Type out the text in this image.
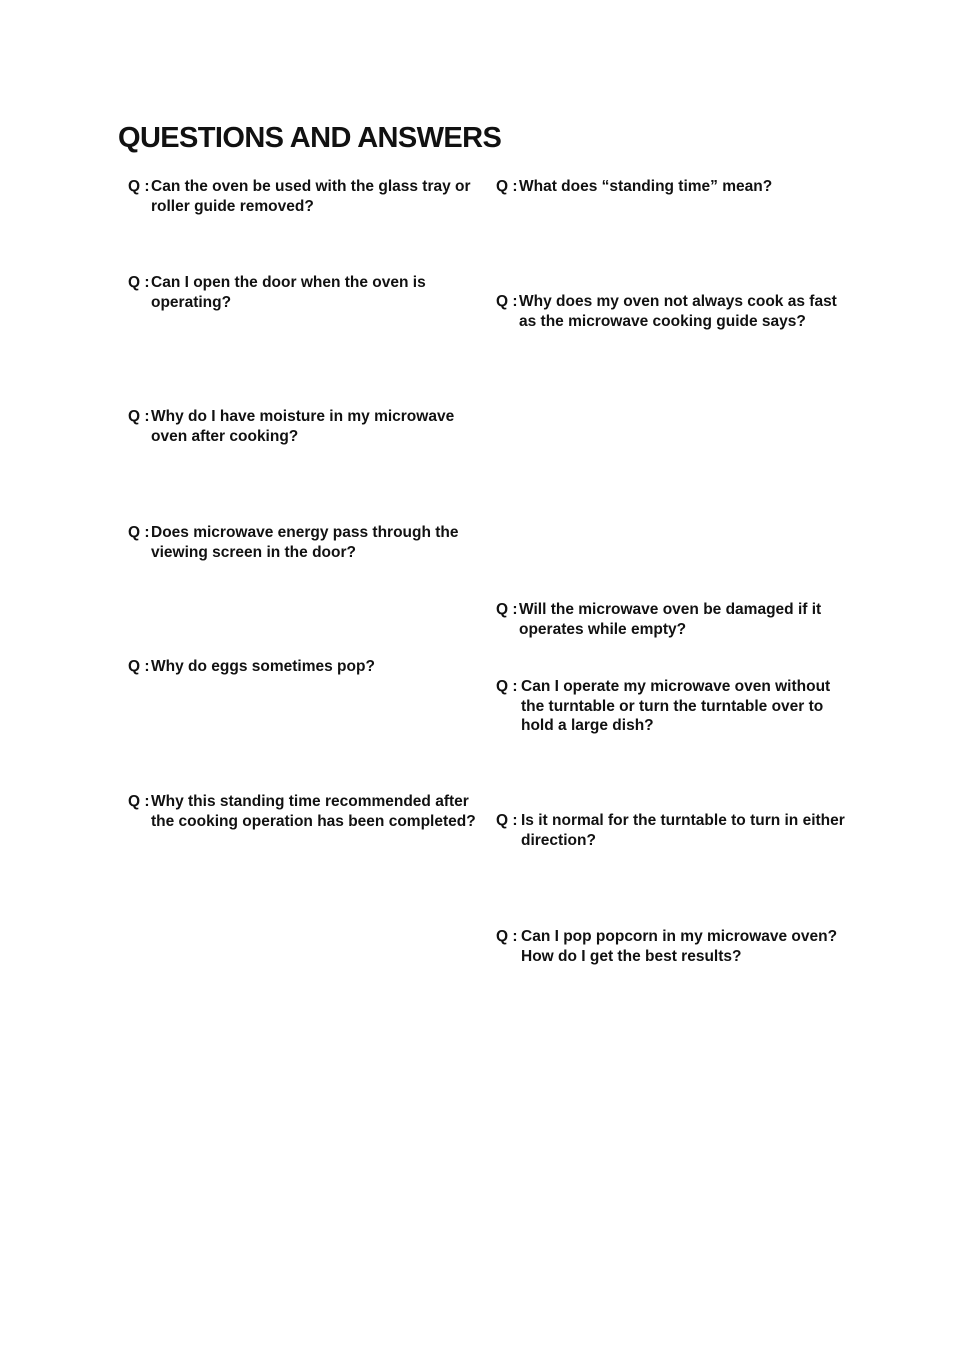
QUESTIONS AND ANSWERS
Q : Can the oven be used with the glass tray or roller guide removed?
Q : Can I open the door when the oven is operating?
Q : Why do I have moisture in my microwave oven after cooking?
Q : Does microwave energy pass through the viewing screen in the door?
Q : Why do eggs sometimes pop?
Q : Why this standing time recommended after the cooking operation has been completed?
Q : What does “standing time” mean?
Q : Why does my oven not always cook as fast as the microwave cooking guide says?
Q : Will the microwave oven be damaged if it operates while empty?
Q : Can I operate my microwave oven without the turntable or turn the turntable over to hold a large dish?
Q : Is it normal for the turntable to turn in either direction?
Q : Can I pop popcorn in my microwave oven? How do I get the best results?
